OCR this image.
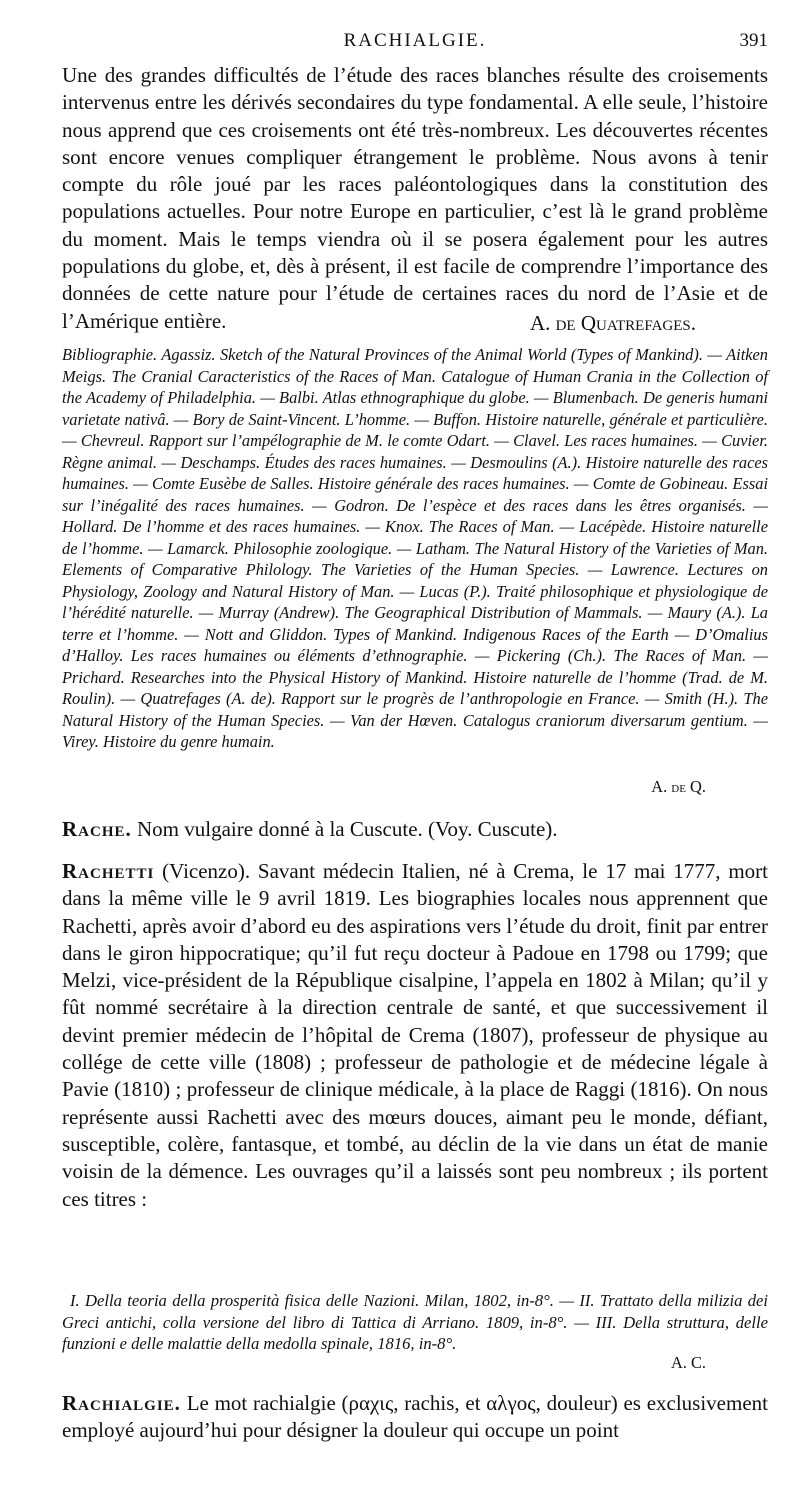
RACHIALGIE.	391

Une des grandes difficultés de l’étude des races blanches résulte des croisements intervenus entre les dérivés secondaires du type fondamental. A elle seule, l’histoire nous apprend que ces croisements ont été très-nombreux. Les découvertes récentes sont encore venues compliquer étrangement le problème. Nous avons à tenir compte du rôle joué par les races paléontologiques dans la constitution des populations actuelles. Pour notre Europe en particulier, c’est là le grand problème du moment. Mais le temps viendra où il se posera également pour les autres populations du globe, et, dès à présent, il est facile de comprendre l’importance des données de cette nature pour l’étude de certaines races du nord de l’Asie et de l’Amérique entière.	A. de Quatrefages.

Bibliographie. Agassiz. Sketch of the Natural Provinces of the Animal World (Types of Mankind). — Aitken Meigs. The Cranial Caracteristics of the Races of Man. Catalogue of Human Crania in the Collection of the Academy of Philadelphia. — Balbi. Atlas ethnographique du globe. — Blumenbach. De generis humani varietate nativâ. — Bory de Saint-Vincent. L’homme. — Buffon. Histoire naturelle, générale et particulière. — Chevreul. Rapport sur l’ampélographie de M. le comte Odart. — Clavel. Les races humaines. — Cuvier. Règne animal. — Deschamps. Études des races humaines. — Desmoulins (A.). Histoire naturelle des races humaines. — Comte Eusèbe de Salles. Histoire générale des races humaines. — Comte de Gobineau. Essai sur l’inégalité des races humaines. — Godron. De l’espèce et des races dans les êtres organisés. — Hollard. De l’homme et des races humaines. — Knox. The Races of Man. — Lacépède. Histoire naturelle de l’homme. — Lamarck. Philosophie zoologique. — Latham. The Natural History of the Varieties of Man. Elements of Comparative Philology. The Varieties of the Human Species. — Lawrence. Lectures on Physiology, Zoology and Natural History of Man. — Lucas (P.). Traité philosophique et physiologique de l’hérédité naturelle. — Murray (Andrew). The Geographical Distribution of Mammals. — Maury (A.). La terre et l’homme. — Nott and Gliddon. Types of Mankind. Indigenous Races of the Earth — D’Omalius d’Halloy. Les races humaines ou éléments d’ethnographie. — Pickering (Ch.). The Races of Man. — Prichard. Researches into the Physical History of Mankind. Histoire naturelle de l’homme (Trad. de M. Roulin). — Quatrefages (A. de). Rapport sur le progrès de l’anthropologie en France. — Smith (H.). The Natural History of the Human Species. — Van der Hœven. Catalogus craniorum diversarum gentium. — Virey. Histoire du genre humain.

A. de Q.
Rache. Nom vulgaire donné à la Cuscute. (Voy. Cuscute).
Rachetti (Vicenzo). Savant médecin Italien, né à Crema, le 17 mai 1777, mort dans la même ville le 9 avril 1819. Les biographies locales nous apprennent que Rachetti, après avoir d’abord eu des aspirations vers l’étude du droit, finit par entrer dans le giron hippocratique; qu’il fut reçu docteur à Padoue en 1798 ou 1799; que Melzi, vice-président de la République cisalpine, l’appela en 1802 à Milan; qu’il y fût nommé secrétaire à la direction centrale de santé, et que successivement il devint premier médecin de l’hôpital de Crema (1807), professeur de physique au collége de cette ville (1808) ; professeur de pathologie et de médecine légale à Pavie (1810) ; professeur de clinique médicale, à la place de Raggi (1816). On nous représente aussi Rachetti avec des mœurs douces, aimant peu le monde, défiant, susceptible, colère, fantasque, et tombé, au déclin de la vie dans un état de manie voisin de la démence. Les ouvrages qu’il a laissés sont peu nombreux ; ils portent ces titres :

I. Della teoria della prosperità fisica delle Nazioni. Milan, 1802, in-8°. — II. Trattato della milizia dei Greci antichi, colla versione del libro di Tattica di Arriano. 1809, in-8°. — III. Della struttura, delle funzioni e delle malattie della medolla spinale, 1816, in-8°.

A. C.
Rachialgie. Le mot rachialgie (ραχις, rachis, et αλγος, douleur) es exclusivement employé aujourd’hui pour désigner la douleur qui occupe un point
